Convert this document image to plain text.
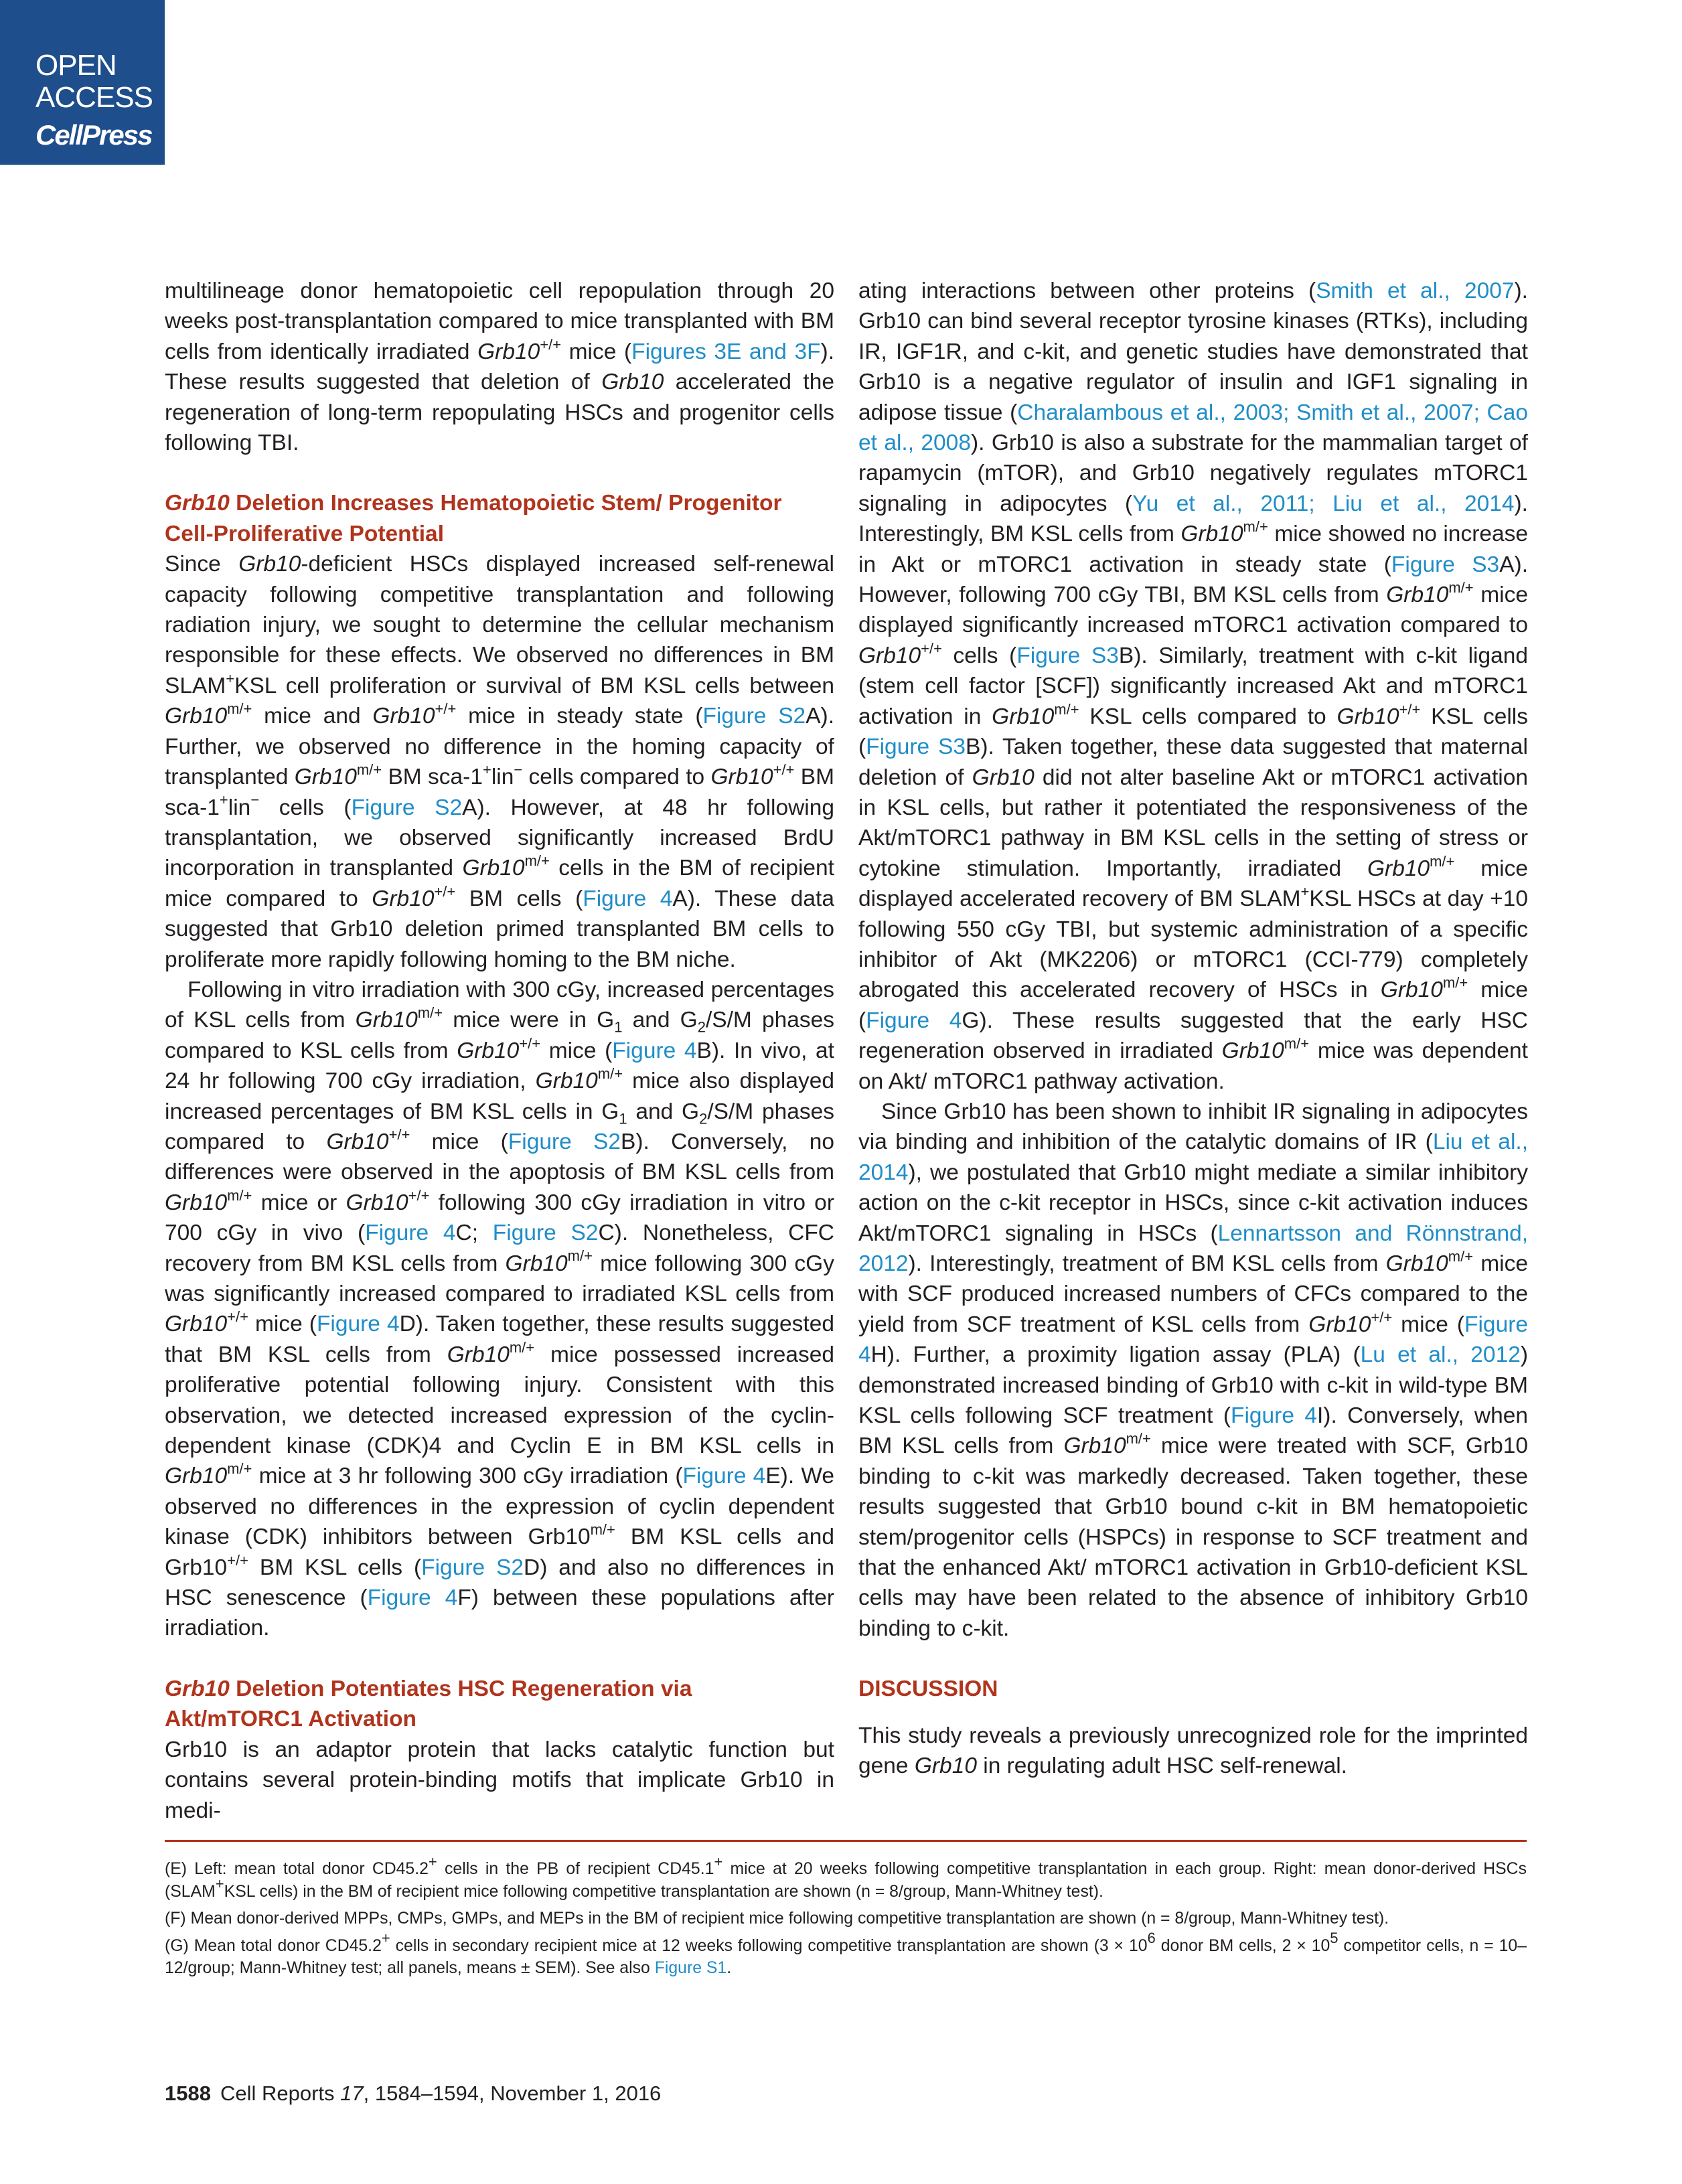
OPEN
ACCESS
CellPress

multilineage donor hematopoietic cell repopulation through 20 weeks post-transplantation compared to mice transplanted with BM cells from identically irradiated Grb10+/+ mice (Figures 3E and 3F). These results suggested that deletion of Grb10 accelerated the regeneration of long-term repopulating HSCs and progenitor cells following TBI.

Grb10 Deletion Increases Hematopoietic Stem/ Progenitor Cell-Proliferative Potential

Since Grb10-deficient HSCs displayed increased self-renewal capacity following competitive transplantation and following radiation injury, we sought to determine the cellular mechanism responsible for these effects. We observed no differences in BM SLAM+KSL cell proliferation or survival of BM KSL cells between $Grb10^{m/+}$ mice and Grb10+/+ mice in steady state (Figure S2A). Further, we observed no difference in the homing capacity of transplanted $Grb10^{m/+}$ BM sca-1+lin− cells compared to Grb10+/+ BM sca-1+lin− cells (Figure S2A). However, at 48 hr following transplantation, we observed significantly increased BrdU incorporation in transplanted $Grb10^{m/+}$ cells in the BM of recipient mice compared to Grb10+/+ BM cells (Figure 4A). These data suggested that Grb10 deletion primed transplanted BM cells to proliferate more rapidly following homing to the BM niche.

Following in vitro irradiation with 300 cGy, increased percentages of KSL cells from $Grb10^{m/+}$ mice were in $G_1$ and $G_2/S/M$ phases compared to KSL cells from Grb10+/+ mice (Figure 4B). In vivo, at 24 hr following 700 cGy irradiation, $Grb10^{m/+}$ mice also displayed increased percentages of BM KSL cells in $G_1$ and $G_2/S/M$ phases compared to Grb10+/+ mice (Figure S2B). Conversely, no differences were observed in the apoptosis of BM KSL cells from $Grb10^{m/+}$ mice or Grb10+/+ following 300 cGy irradiation in vitro or 700 cGy in vivo (Figure 4C; Figure S2C). Nonetheless, CFC recovery from BM KSL cells from $Grb10^{m/+}$ mice following 300 cGy was significantly increased compared to irradiated KSL cells from Grb10+/+ mice (Figure 4D). Taken together, these results suggested that BM KSL cells from $Grb10^{m/+}$ mice possessed increased proliferative potential following injury. Consistent with this observation, we detected increased expression of the cyclin-dependent kinase (CDK)4 and Cyclin E in BM KSL cells in $Grb10^{m/+}$ mice at 3 hr following 300 cGy irradiation (Figure 4E). We observed no differences in the expression of cyclin dependent kinase (CDK) inhibitors between $Grb10^{m/+}$ BM KSL cells and Grb10+/+ BM KSL cells (Figure S2D) and also no differences in HSC senescence (Figure 4F) between these populations after irradiation.

Grb10 Deletion Potentiates HSC Regeneration via Akt/mTORC1 Activation

Grb10 is an adaptor protein that lacks catalytic function but contains several protein-binding motifs that implicate Grb10 in medi-

ating interactions between other proteins (Smith et al., 2007). Grb10 can bind several receptor tyrosine kinases (RTKs), including IR, IGF1R, and c-kit, and genetic studies have demonstrated that Grb10 is a negative regulator of insulin and IGF1 signaling in adipose tissue (Charalambous et al., 2003; Smith et al., 2007; Cao et al., 2008). Grb10 is also a substrate for the mammalian target of rapamycin (mTOR), and Grb10 negatively regulates mTORC1 signaling in adipocytes (Yu et al., 2011; Liu et al., 2014). Interestingly, BM KSL cells from $Grb10^{m/+}$ mice showed no increase in Akt or mTORC1 activation in steady state (Figure S3A). However, following 700 cGy TBI, BM KSL cells from $Grb10^{m/+}$ mice displayed significantly increased mTORC1 activation compared to Grb10+/+ cells (Figure S3B). Similarly, treatment with c-kit ligand (stem cell factor [SCF]) significantly increased Akt and mTORC1 activation in $Grb10^{m/+}$ KSL cells compared to Grb10+/+ KSL cells (Figure S3B). Taken together, these data suggested that maternal deletion of Grb10 did not alter baseline Akt or mTORC1 activation in KSL cells, but rather it potentiated the responsiveness of the Akt/mTORC1 pathway in BM KSL cells in the setting of stress or cytokine stimulation. Importantly, irradiated $Grb10^{m/+}$ mice displayed accelerated recovery of BM SLAM+KSL HSCs at day +10 following 550 cGy TBI, but systemic administration of a specific inhibitor of Akt (MK2206) or mTORC1 (CCI-779) completely abrogated this accelerated recovery of HSCs in $Grb10^{m/+}$ mice (Figure 4G). These results suggested that the early HSC regeneration observed in irradiated $Grb10^{m/+}$ mice was dependent on Akt/ mTORC1 pathway activation.

Since Grb10 has been shown to inhibit IR signaling in adipocytes via binding and inhibition of the catalytic domains of IR (Liu et al., 2014), we postulated that Grb10 might mediate a similar inhibitory action on the c-kit receptor in HSCs, since c-kit activation induces Akt/mTORC1 signaling in HSCs (Lennartsson and Rönnstrand, 2012). Interestingly, treatment of BM KSL cells from $Grb10^{m/+}$ mice with SCF produced increased numbers of CFCs compared to the yield from SCF treatment of KSL cells from Grb10+/+ mice (Figure 4H). Further, a proximity ligation assay (PLA) (Lu et al., 2012) demonstrated increased binding of Grb10 with c-kit in wild-type BM KSL cells following SCF treatment (Figure 4I). Conversely, when BM KSL cells from $Grb10^{m/+}$ mice were treated with SCF, Grb10 binding to c-kit was markedly decreased. Taken together, these results suggested that Grb10 bound c-kit in BM hematopoietic stem/progenitor cells (HSPCs) in response to SCF treatment and that the enhanced Akt/ mTORC1 activation in Grb10-deficient KSL cells may have been related to the absence of inhibitory Grb10 binding to c-kit.

DISCUSSION

This study reveals a previously unrecognized role for the imprinted gene Grb10 in regulating adult HSC self-renewal.

(E) Left: mean total donor CD45.2+ cells in the PB of recipient CD45.1+ mice at 20 weeks following competitive transplantation in each group. Right: mean donor-derived HSCs (SLAM+KSL cells) in the BM of recipient mice following competitive transplantation are shown (n = 8/group, Mann-Whitney test).

(F) Mean donor-derived MPPs, CMPs, GMPs, and MEPs in the BM of recipient mice following competitive transplantation are shown (n = 8/group, Mann-Whitney test).

(G) Mean total donor CD45.2+ cells in secondary recipient mice at 12 weeks following competitive transplantation are shown ($3 \times 10^6$ donor BM cells, $2 \times 10^5$ competitor cells, n = 10–12/group; Mann-Whitney test; all panels, means ± SEM). See also Figure S1.

1588 Cell Reports 17, 1584–1594, November 1, 2016
